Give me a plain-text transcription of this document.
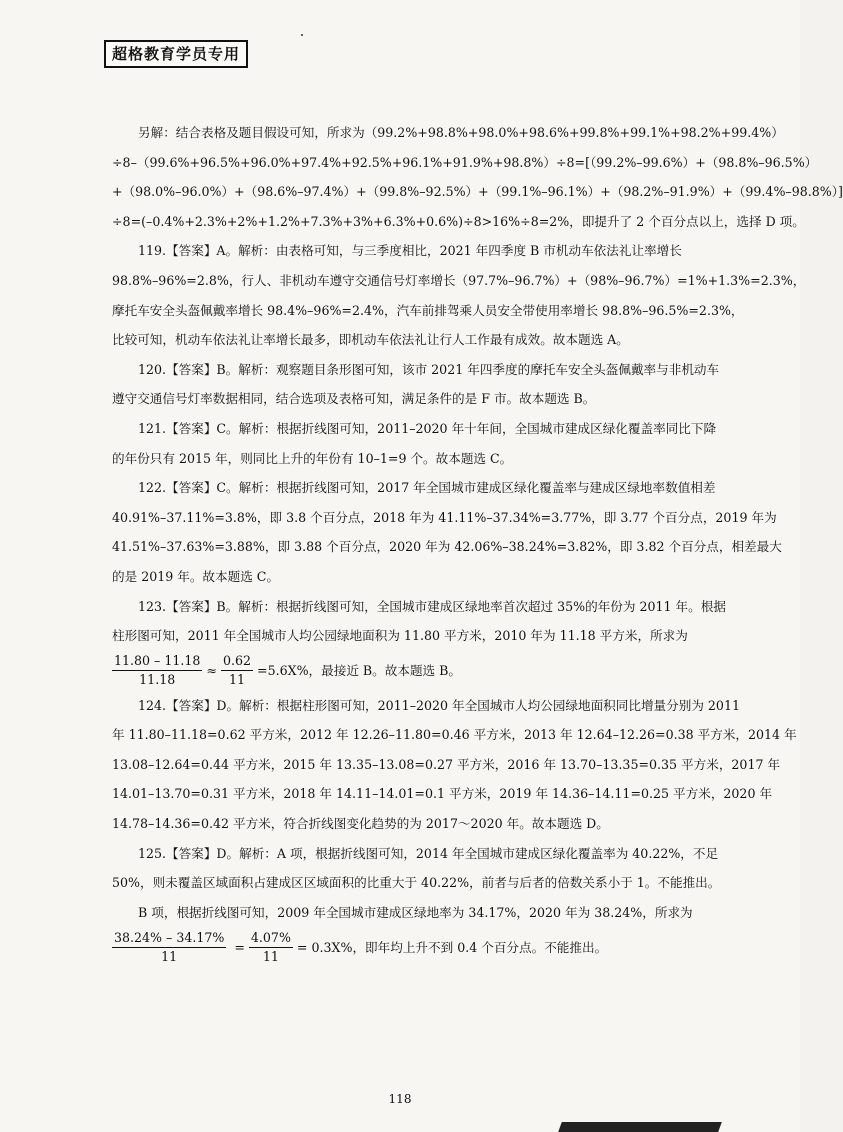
超格教育学员专用
另解：结合表格及题目假设可知，所求为（99.2%+98.8%+98.0%+98.6%+99.8%+99.1%+98.2%+99.4%）
÷8–（99.6%+96.5%+96.0%+97.4%+92.5%+96.1%+91.9%+98.8%）÷8=[（99.2%–99.6%）+（98.8%–96.5%）
+（98.0%–96.0%）+（98.6%–97.4%）+（99.8%–92.5%）+（99.1%–96.1%）+（98.2%–91.9%）+（99.4%–98.8%）]
÷8=(–0.4%+2.3%+2%+1.2%+7.3%+3%+6.3%+0.6%)÷8>16%÷8=2%，即提升了 2 个百分点以上，选择 D 项。
119.【答案】A。解析：由表格可知，与三季度相比，2021 年四季度 B 市机动车依法礼让率增长
98.8%–96%=2.8%，行人、非机动车遵守交通信号灯率增长（97.7%–96.7%）+（98%–96.7%）=1%+1.3%=2.3%，
摩托车安全头盔佩戴率增长 98.4%–96%=2.4%，汽车前排驾乘人员安全带使用率增长 98.8%–96.5%=2.3%，
比较可知，机动车依法礼让率增长最多，即机动车依法礼让行人工作最有成效。故本题选 A。
120.【答案】B。解析：观察题目条形图可知，该市 2021 年四季度的摩托车安全头盔佩戴率与非机动车
遵守交通信号灯率数据相同，结合选项及表格可知，满足条件的是 F 市。故本题选 B。
121.【答案】C。解析：根据折线图可知，2011–2020 年十年间，全国城市建成区绿化覆盖率同比下降
的年份只有 2015 年，则同比上升的年份有 10–1=9 个。故本题选 C。
122.【答案】C。解析：根据折线图可知，2017 年全国城市建成区绿化覆盖率与建成区绿地率数值相差
40.91%–37.11%=3.8%，即 3.8 个百分点，2018 年为 41.11%–37.34%=3.77%，即 3.77 个百分点，2019 年为
41.51%–37.63%=3.88%，即 3.88 个百分点，2020 年为 42.06%–38.24%=3.82%，即 3.82 个百分点，相差最大
的是 2019 年。故本题选 C。
123.【答案】B。解析：根据折线图可知，全国城市建成区绿地率首次超过 35%的年份为 2011 年。根据
柱形图可知，2011 年全国城市人均公园绿地面积为 11.80 平方米，2010 年为 11.18 平方米，所求为
$\frac{11.80 - 11.18}{11.18} \approx \frac{0.62}{11} =5.6X\%$，最接近 B。故本题选 B。
124.【答案】D。解析：根据柱形图可知，2011–2020 年全国城市人均公园绿地面积同比增量分别为 2011
年 11.80–11.18=0.62 平方米，2012 年 12.26–11.80=0.46 平方米，2013 年 12.64–12.26=0.38 平方米，2014 年
13.08–12.64=0.44 平方米，2015 年 13.35–13.08=0.27 平方米，2016 年 13.70–13.35=0.35 平方米，2017 年
14.01–13.70=0.31 平方米，2018 年 14.11–14.01=0.1 平方米，2019 年 14.36–14.11=0.25 平方米，2020 年
14.78–14.36=0.42 平方米，符合折线图变化趋势的为 2017～2020 年。故本题选 D。
125.【答案】D。解析：A 项，根据折线图可知，2014 年全国城市建成区绿化覆盖率为 40.22%，不足
50%，则未覆盖区域面积占建成区区域面积的比重大于 40.22%，前者与后者的倍数关系小于 1。不能推出。
B 项，根据折线图可知，2009 年全国城市建成区绿地率为 34.17%，2020 年为 38.24%，所求为
$\frac{38.24\% - 34.17\%}{11} = \frac{4.07\%}{11} = 0.3X\%$，即年均上升不到 0.4 个百分点。不能推出。
118
